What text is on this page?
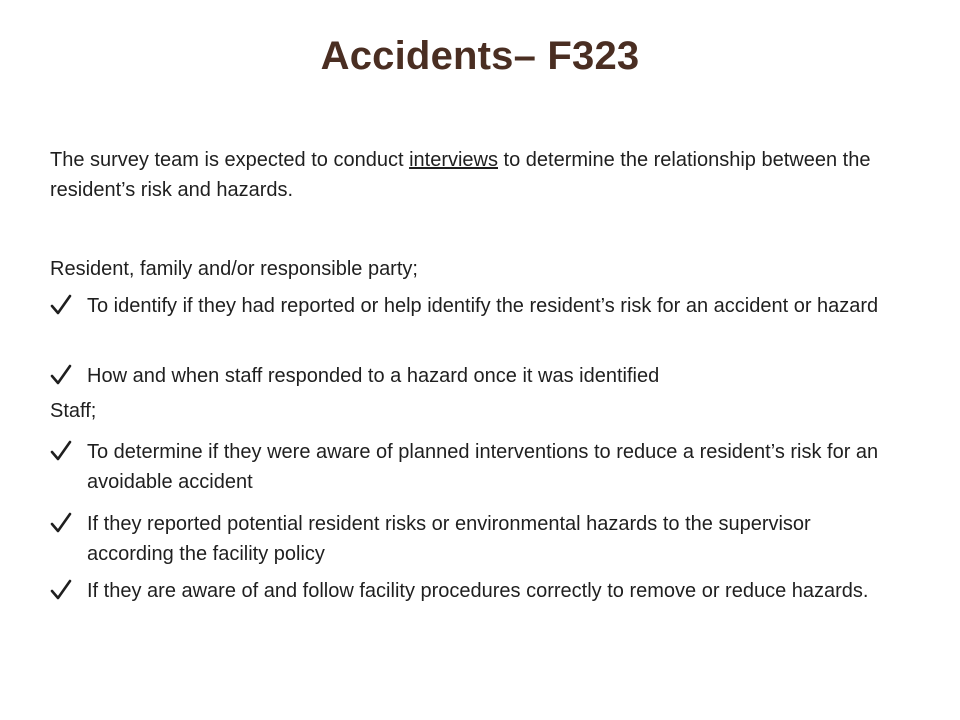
Accidents– F323
The survey team is expected to conduct interviews to determine the relationship between the resident’s risk and hazards.
Resident, family and/or responsible party;
To identify if they had reported or help identify the resident’s risk for an accident or hazard
How and when staff responded to a hazard once it was identified
Staff;
To determine if they were aware of planned interventions to reduce a resident’s risk for an avoidable accident
If they reported potential resident risks or environmental hazards to the supervisor according the facility policy
If they are aware of and follow facility procedures correctly to remove or reduce hazards.
